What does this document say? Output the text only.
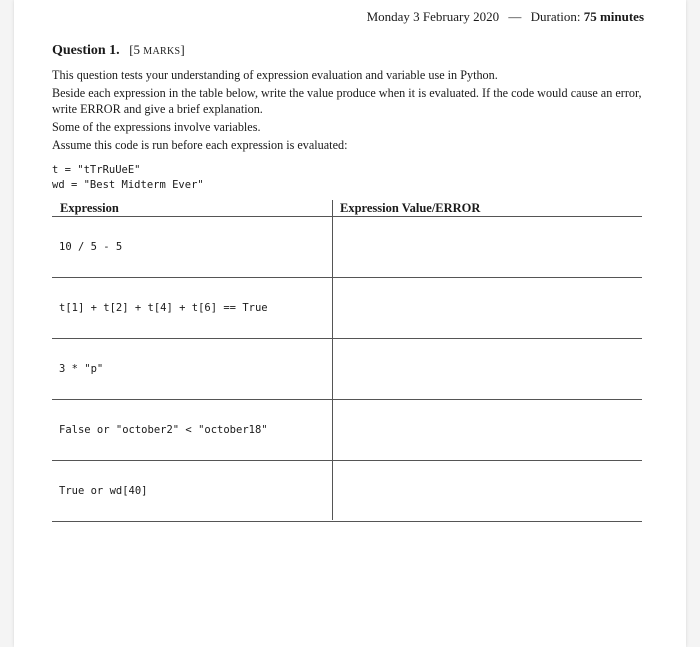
Monday 3 February 2020 — Duration: 75 minutes
Question 1. [5 MARKS]

This question tests your understanding of expression evaluation and variable use in Python.

Beside each expression in the table below, write the value produce when it is evaluated. If the code would cause an error, write ERROR and give a brief explanation.

Some of the expressions involve variables.

Assume this code is run before each expression is evaluated:

t = "tTrRuUeE"
wd = "Best Midterm Ever"
Expression	Expression Value/ERROR
10 / 5 - 5
t[1] + t[2] + t[4] + t[6] == True
3 * "p"
False or "october2" < "october18"
True or wd[40]
